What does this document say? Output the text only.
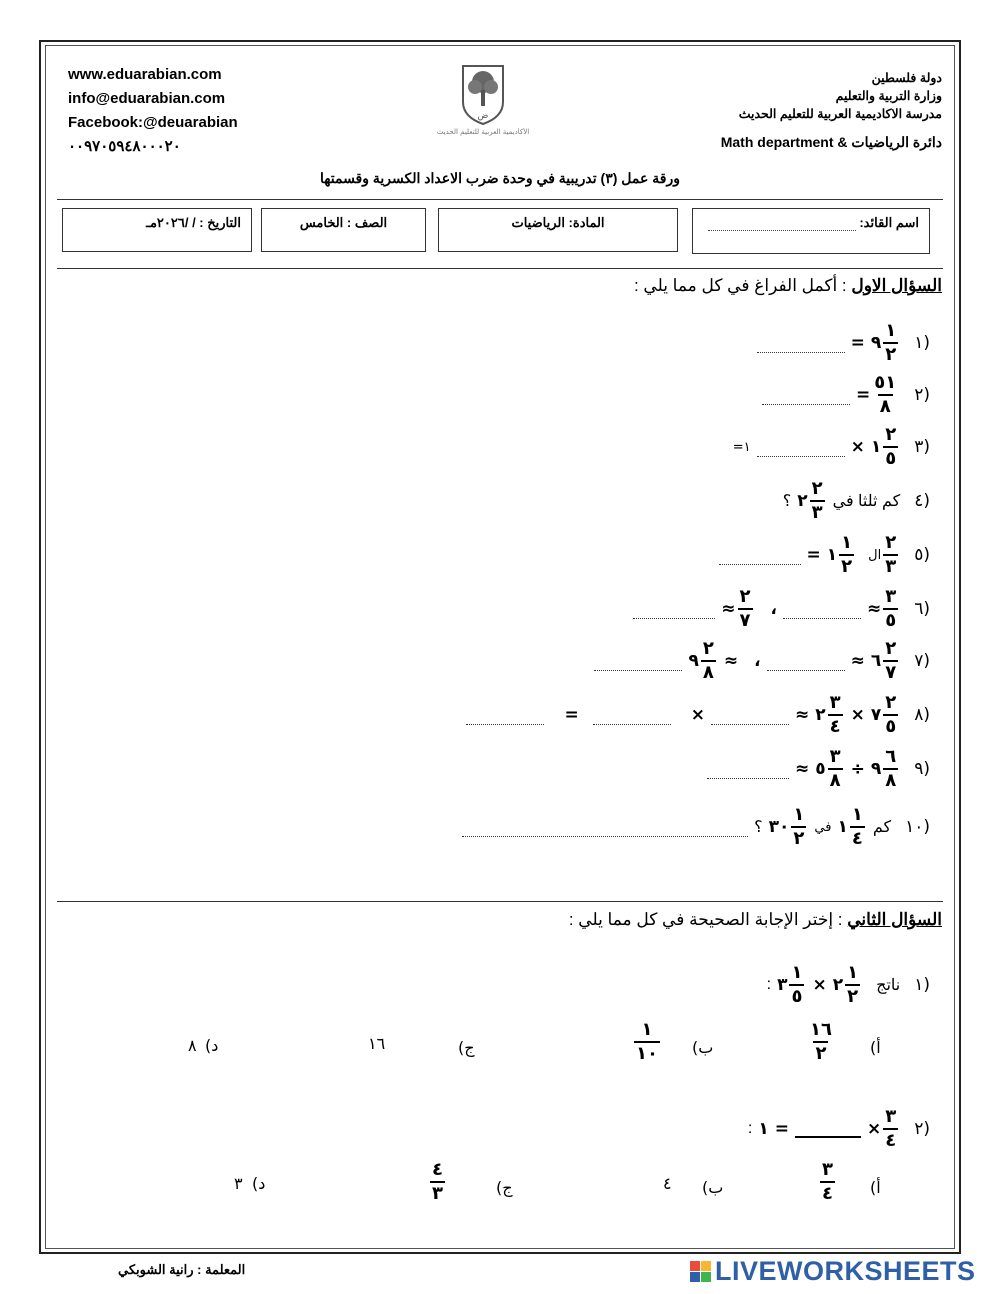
www.eduarabian.com
info@eduarabian.com
Facebook:@deuarabian
٠٠٩٧٠٥٩٤٨٠٠٠٢٠
ض
الأكاديمية العربية للتعليم الحديث
دولة فلسطين
وزارة التربية والتعليم
مدرسة الاكاديمية العربية للتعليم الحديث
دائرة الرياضيات & Math department
ورقة عمل (٣) تدريبية في وحدة ضرب الاعداد الكسرية وقسمتها
اسم القائد:
المادة: الرياضيات
الصف : الخامس
التاريخ : / /٢٠٢٦مـ
السؤال الاول : أكمل الفراغ في كل مما يلي :
١)
$\frac{١}{٢}$
٩
=
٢)
$\frac{٥١}{٨}$
=
٣)
$\frac{٢}{٥}$
١
×
=١
٤)
كم ثلثا في
$\frac{٢}{٣}$
٢
؟
٥)
$\frac{٢}{٣}$
ال
$\frac{١}{٢}$
١
=
٦)
$\frac{٣}{٥}$
≈
،
$\frac{٢}{٧}$
≈
٧)
$\frac{٢}{٧}$
٦
≈
،
≈
$\frac{٢}{٨}$
٩
٨)
$\frac{٢}{٥}$
٧
×
$\frac{٣}{٤}$
٢
≈
×
=
٩)
$\frac{٦}{٨}$
٩
÷
$\frac{٣}{٨}$
٥
≈
١٠)
كم
$\frac{١}{٤}$
١
في
$\frac{١}{٢}$
٣٠
؟
السؤال الثاني : إختر الإجابة الصحيحة في كل مما يلي :
١)
ناتج
$\frac{١}{٢}$
٢
×
$\frac{١}{٥}$
٣
:
أ)
$\frac{١٦}{٢}$
ب)
$\frac{١}{١٠}$
ج)
١٦
د)
٨
٢)
$\frac{٣}{٤}$
×
=
١
:
أ)
$\frac{٣}{٤}$
ب)
٤
ج)
$\frac{٤}{٣}$
د)
٣
المعلمة : رانية الشوبكي	LIVEWORKSHEETS
